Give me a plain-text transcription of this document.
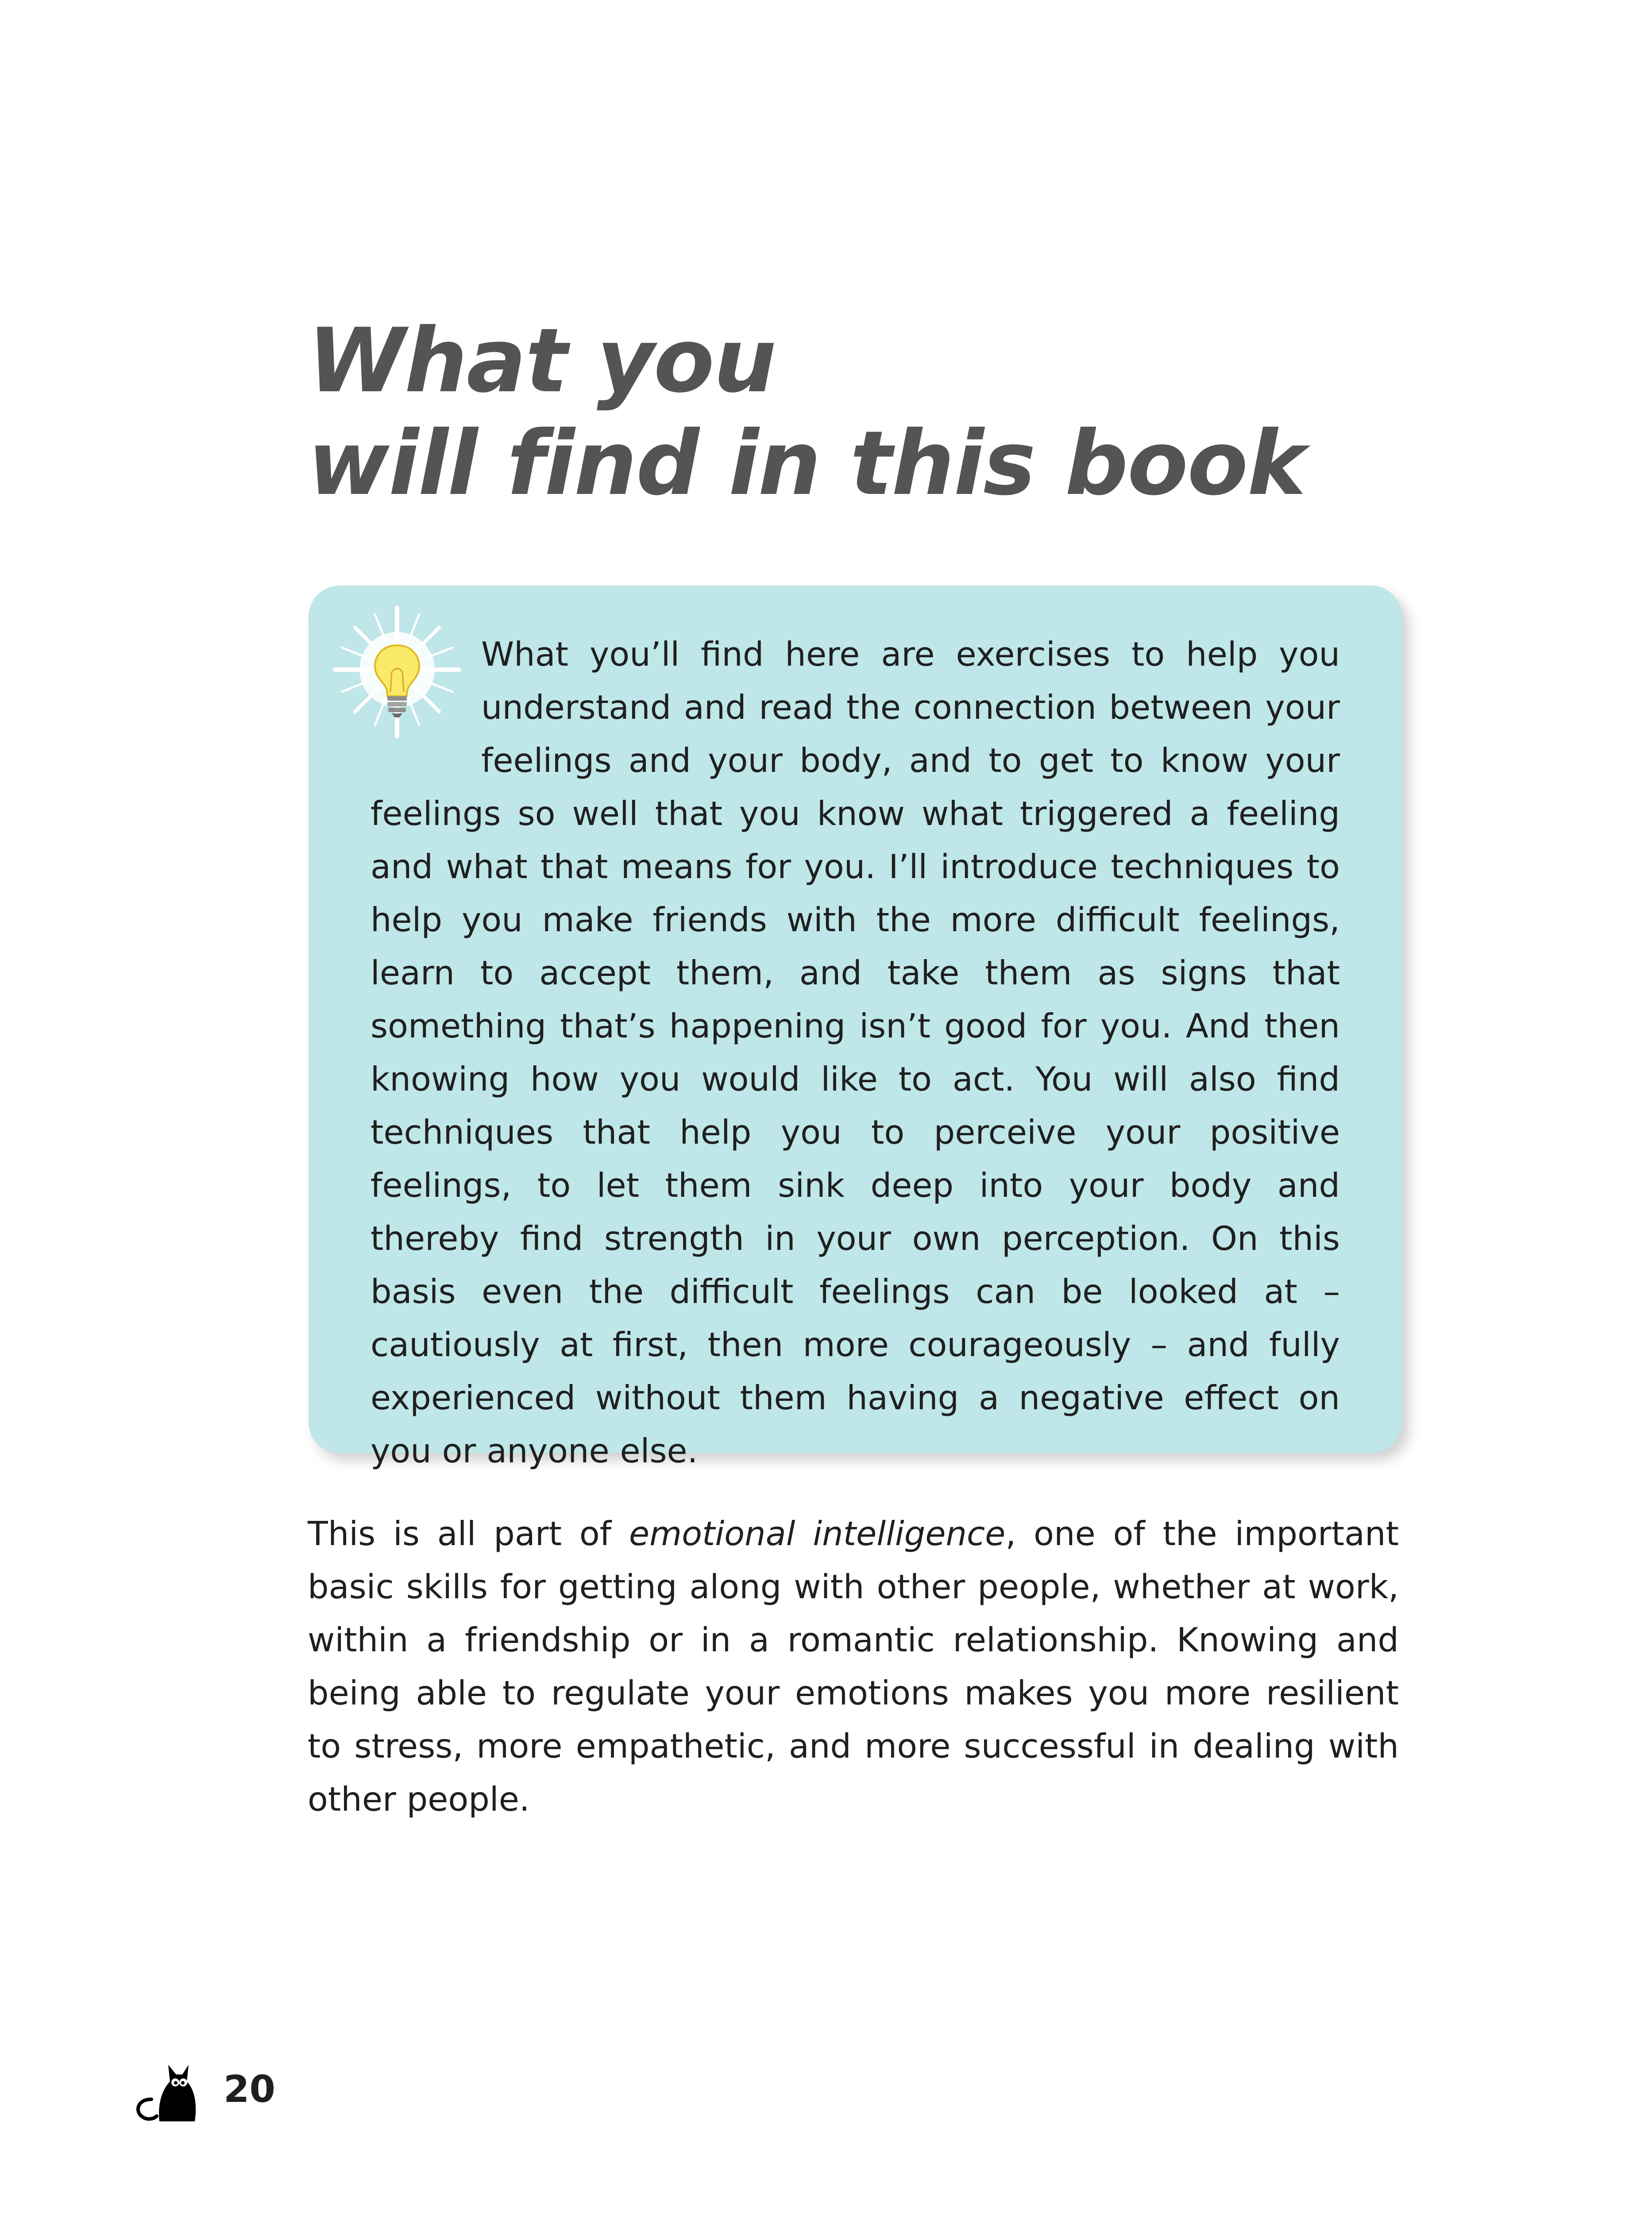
What you
will find in this book

What you’ll find here are exercises to help you understand and read the connection between your feelings and your body, and to get to know your feelings so well that you know what triggered a feeling and what that means for you. I’ll introduce techniques to help you make friends with the more difficult feelings, learn to accept them, and take them as signs that something that’s happening isn’t good for you. And then knowing how you would like to act. You will also find techniques that help you to perceive your positive feelings, to let them sink deep into your body and thereby find strength in your own perception. On this basis even the difficult feelings can be looked at – cautiously at first, then more courageously – and fully experienced without them having a negative effect on you or anyone else.

This is all part of emotional intelligence, one of the important basic skills for getting along with other people, whether at work, within a friendship or in a romantic relationship. Knowing and being able to regulate your emotions makes you more resilient to stress, more empathetic, and more successful in dealing with other people.

20
